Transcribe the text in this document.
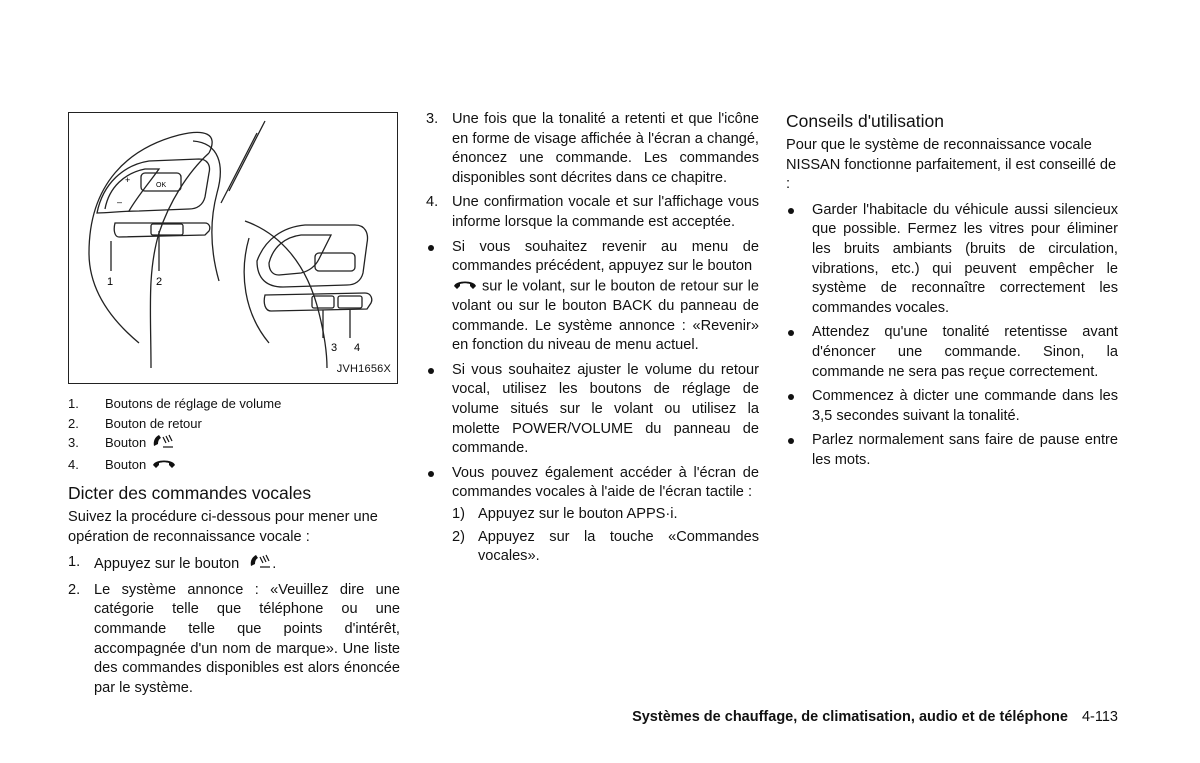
OK
+
–
1	2
3 4
JVH1656X
1.	Boutons de réglage de volume
2.	Bouton de retour
3.	Bouton
4.	Bouton
Dicter des commandes vocales

Suivez la procédure ci-dessous pour mener une opération de reconnaissance vocale :

1. Appuyez sur le bouton .
2. Le système annonce : «Veuillez dire une catégorie telle que téléphone ou une commande telle que points d'intérêt, accompagnée d'un nom de marque». Une liste des commandes disponibles est alors énoncée par le système.
3. Une fois que la tonalité a retenti et que l'icône en forme de visage affichée à l'écran a changé, énoncez une commande. Les commandes disponibles sont décrites dans ce chapitre.
4. Une confirmation vocale et sur l'affichage vous informe lorsque la commande est acceptée.
Si vous souhaitez revenir au menu de commandes précédent, appuyez sur le bouton
sur le volant, sur le bouton de retour sur le volant ou sur le bouton BACK du panneau de commande. Le système annonce : «Revenir» en fonction du niveau de menu actuel.
Si vous souhaitez ajuster le volume du retour vocal, utilisez les boutons de réglage de volume situés sur le volant ou utilisez la molette POWER/VOLUME du panneau de commande.
Vous pouvez également accéder à l'écran de commandes vocales à l'aide de l'écran tactile :
1) Appuyez sur le bouton APPS·i.
2) Appuyez sur la touche «Commandes vocales».
Conseils d'utilisation

Pour que le système de reconnaissance vocale NISSAN fonctionne parfaitement, il est conseillé de :

Garder l'habitacle du véhicule aussi silencieux que possible. Fermez les vitres pour éliminer les bruits ambiants (bruits de circulation, vibrations, etc.) qui peuvent empêcher le système de reconnaître correctement les commandes vocales.
Attendez qu'une tonalité retentisse avant d'énoncer une commande. Sinon, la commande ne sera pas reçue correctement.
Commencez à dicter une commande dans les 3,5 secondes suivant la tonalité.
Parlez normalement sans faire de pause entre les mots.
Systèmes de chauffage, de climatisation, audio et de téléphone 4-113
